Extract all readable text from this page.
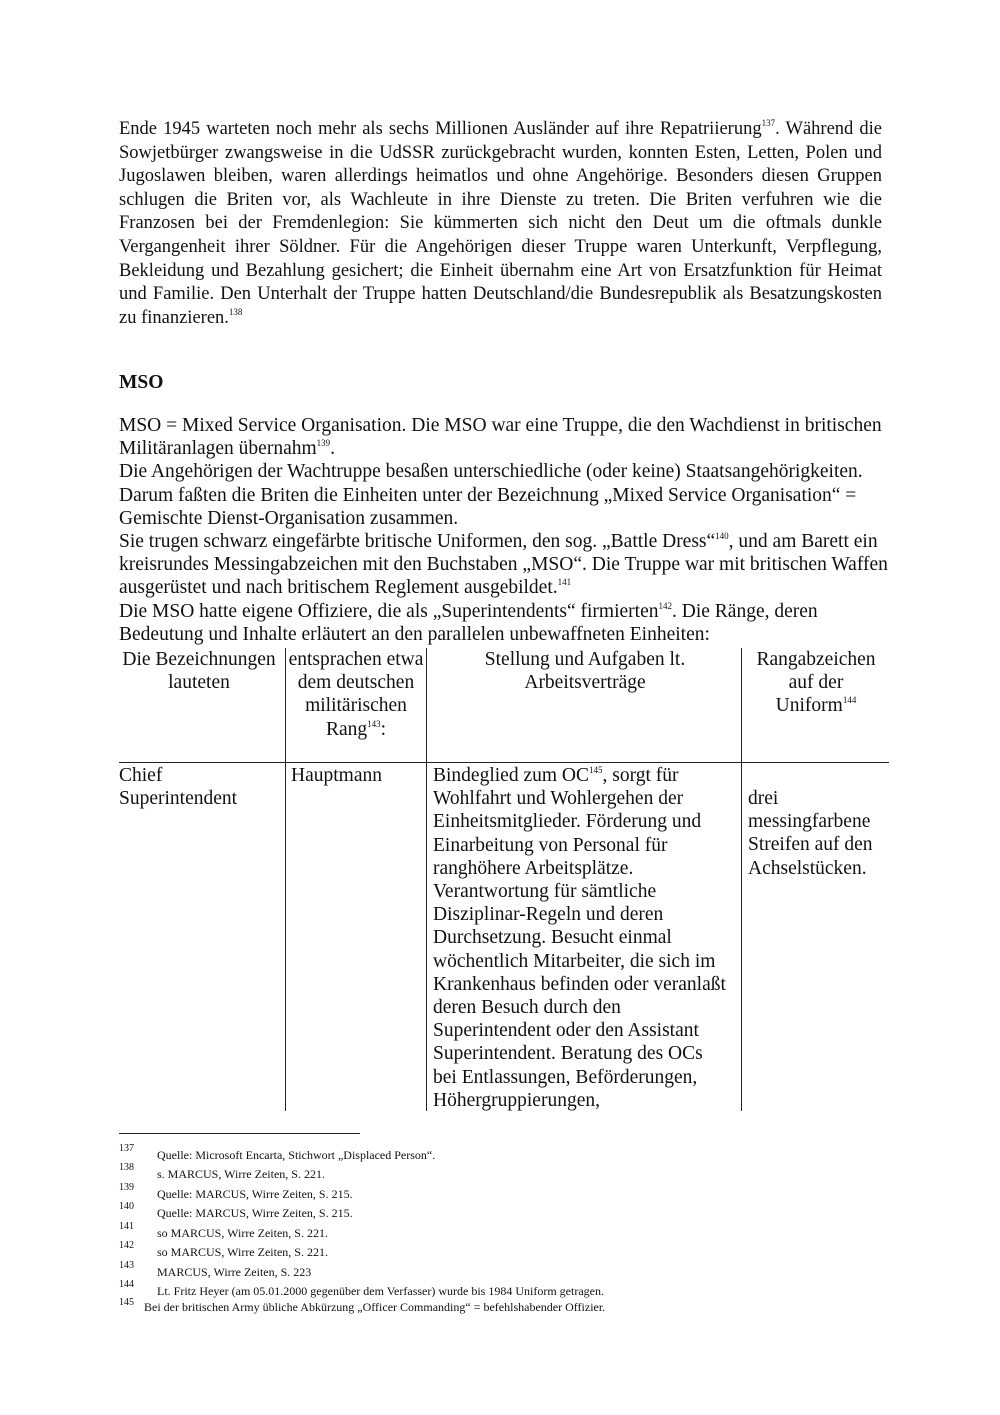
Ende 1945 warteten noch mehr als sechs Millionen Ausländer auf ihre Repatriierung$^{137}$. Während die Sowjetbürger zwangsweise in die UdSSR zurückgebracht wurden, konnten Esten, Letten, Polen und Jugoslawen bleiben, waren allerdings heimatlos und ohne Angehörige. Besonders diesen Gruppen schlugen die Briten vor, als Wachleute in ihre Dienste zu treten. Die Briten verfuhren wie die Franzosen bei der Fremdenlegion: Sie kümmerten sich nicht den Deut um die oftmals dunkle Vergangenheit ihrer Söldner. Für die Angehörigen dieser Truppe waren Unterkunft, Verpflegung, Bekleidung und Bezahlung gesichert; die Einheit übernahm eine Art von Ersatzfunktion für Heimat und Familie. Den Unterhalt der Truppe hatten Deutschland/die Bundesrepublik als Besatzungskosten zu finanzieren.$^{138}$

MSO

MSO = Mixed Service Organisation. Die MSO war eine Truppe, die den Wachdienst in britischen Militäranlagen übernahm$^{139}$.

Die Angehörigen der Wachtruppe besaßen unterschiedliche (oder keine) Staatsangehörigkeiten. Darum faßten die Briten die Einheiten unter der Bezeichnung „Mixed Service Organisation“ = Gemischte Dienst-Organisation zusammen.

Sie trugen schwarz eingefärbte britische Uniformen, den sog. „Battle Dress“$^{140}$, und am Barett ein kreisrundes Messingabzeichen mit den Buchstaben „MSO“. Die Truppe war mit britischen Waffen ausgerüstet und nach britischem Reglement ausgebildet.$^{141}$

Die MSO hatte eigene Offiziere, die als „Superintendents“ firmierten$^{142}$. Die Ränge, deren Bedeutung und Inhalte erläutert an den parallelen unbewaffneten Einheiten:

Die Bezeichnungen lauteten
entsprachen etwa dem deutschen militärischen Rang$^{143}$:
Stellung und Aufgaben lt. Arbeitsverträge
Rangabzeichen auf der Uniform$^{144}$
Chief Superintendent
Hauptmann	Bindeglied zum OC$^{145}$, sorgt für Wohlfahrt und Wohlergehen der Einheitsmitglieder. Förderung und Einarbeitung von Personal für ranghöhere Arbeitsplätze. Verantwortung für sämtliche Disziplinar-Regeln und deren Durchsetzung. Besucht einmal wöchentlich Mitarbeiter, die sich im Krankenhaus befinden oder veranlaßt deren Besuch durch den Superintendent oder den Assistant Superintendent. Beratung des OCs bei Entlassungen, Beförderungen, Höhergruppierungen,
drei messingfarbene Streifen auf den Achselstücken.
137 Quelle: Microsoft Encarta, Stichwort „Displaced Person“.
138 s. MARCUS, Wirre Zeiten, S. 221.
139 Quelle: MARCUS, Wirre Zeiten, S. 215.
140 Quelle: MARCUS, Wirre Zeiten, S. 215.
141 so MARCUS, Wirre Zeiten, S. 221.
142 so MARCUS, Wirre Zeiten, S. 221.
143 MARCUS, Wirre Zeiten, S. 223
144 Lt. Fritz Heyer (am 05.01.2000 gegenüber dem Verfasser) wurde bis 1984 Uniform getragen.
145 Bei der britischen Army übliche Abkürzung „Officer Commanding“ = befehlshabender Offizier.
